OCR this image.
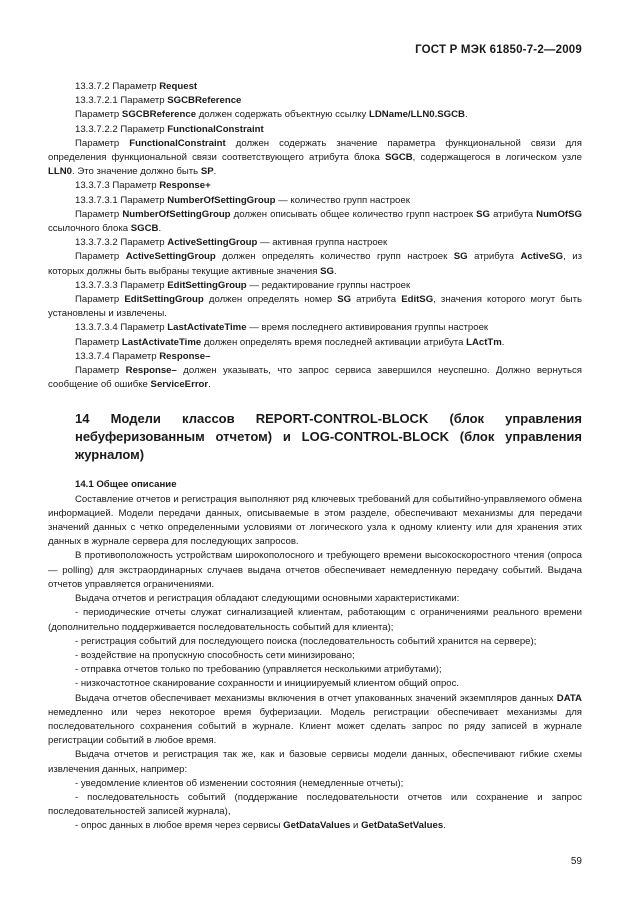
ГОСТ Р МЭК 61850-7-2—2009

13.3.7.2 Параметр Request

13.3.7.2.1 Параметр SGCBReference

Параметр SGCBReference должен содержать объектную ссылку LDName/LLN0.SGCB.

13.3.7.2.2 Параметр FunctionalConstraint

Параметр FunctionalConstraint должен содержать значение параметра функциональной связи для определения функциональной связи соответствующего атрибута блока SGCB, содержащегося в логическом узле LLN0. Это значение должно быть SP.

13.3.7.3 Параметр Response+

13.3.7.3.1 Параметр NumberOfSettingGroup — количество групп настроек

Параметр NumberOfSettingGroup должен описывать общее количество групп настроек SG атрибута NumOfSG ссылочного блока SGCB.

13.3.7.3.2 Параметр ActiveSettingGroup — активная группа настроек

Параметр ActiveSettingGroup должен определять количество групп настроек SG атрибута ActiveSG, из которых должны быть выбраны текущие активные значения SG.

13.3.7.3.3 Параметр EditSettingGroup — редактирование группы настроек

Параметр EditSettingGroup должен определять номер SG атрибута EditSG, значения которого могут быть установлены и извлечены.

13.3.7.3.4 Параметр LastActivateTime — время последнего активирования группы настроек

Параметр LastActivateTime должен определять время последней активации атрибута LActTm.

13.3.7.4 Параметр Response–

Параметр Response– должен указывать, что запрос сервиса завершился неуспешно. Должно вернуться сообщение об ошибке ServiceError.

14 Модели классов REPORT-CONTROL-BLOCK (блок управления небуферизованным отчетом) и LOG-CONTROL-BLOCK (блок управления журналом)

14.1 Общее описание

Составление отчетов и регистрация выполняют ряд ключевых требований для событийно-управляемого обмена информацией. Модели передачи данных, описываемые в этом разделе, обеспечивают механизмы для передачи значений данных с четко определенными условиями от логического узла к одному клиенту или для хранения этих данных в журнале сервера для последующих запросов.

В противоположность устройствам широкополосного и требующего времени высокоскоростного чтения (опроса — polling) для экстраординарных случаев выдача отчетов обеспечивает немедленную передачу событий. Выдача отчетов управляется ограничениями.

Выдача отчетов и регистрация обладают следующими основными характеристиками:

- периодические отчеты служат сигнализацией клиентам, работающим с ограничениями реального времени (дополнительно поддерживается последовательность событий для клиента);

- регистрация событий для последующего поиска (последовательность событий хранится на сервере);

- воздействие на пропускную способность сети минизировано;

- отправка отчетов только по требованию (управляется несколькими атрибутами);

- низкочастотное сканирование сохранности и инициируемый клиентом общий опрос.

Выдача отчетов обеспечивает механизмы включения в отчет упакованных значений экземпляров данных DATA немедленно или через некоторое время буферизации. Модель регистрации обеспечивает механизмы для последовательного сохранения событий в журнале. Клиент может сделать запрос по ряду записей в журнале регистрации событий в любое время.

Выдача отчетов и регистрация так же, как и базовые сервисы модели данных, обеспечивают гибкие схемы извлечения данных, например:

- уведомление клиентов об изменении состояния (немедленные отчеты);

- последовательность событий (поддержание последовательности отчетов или сохранение и запрос последовательностей записей журнала),

- опрос данных в любое время через сервисы GetDataValues и GetDataSetValues.

59
